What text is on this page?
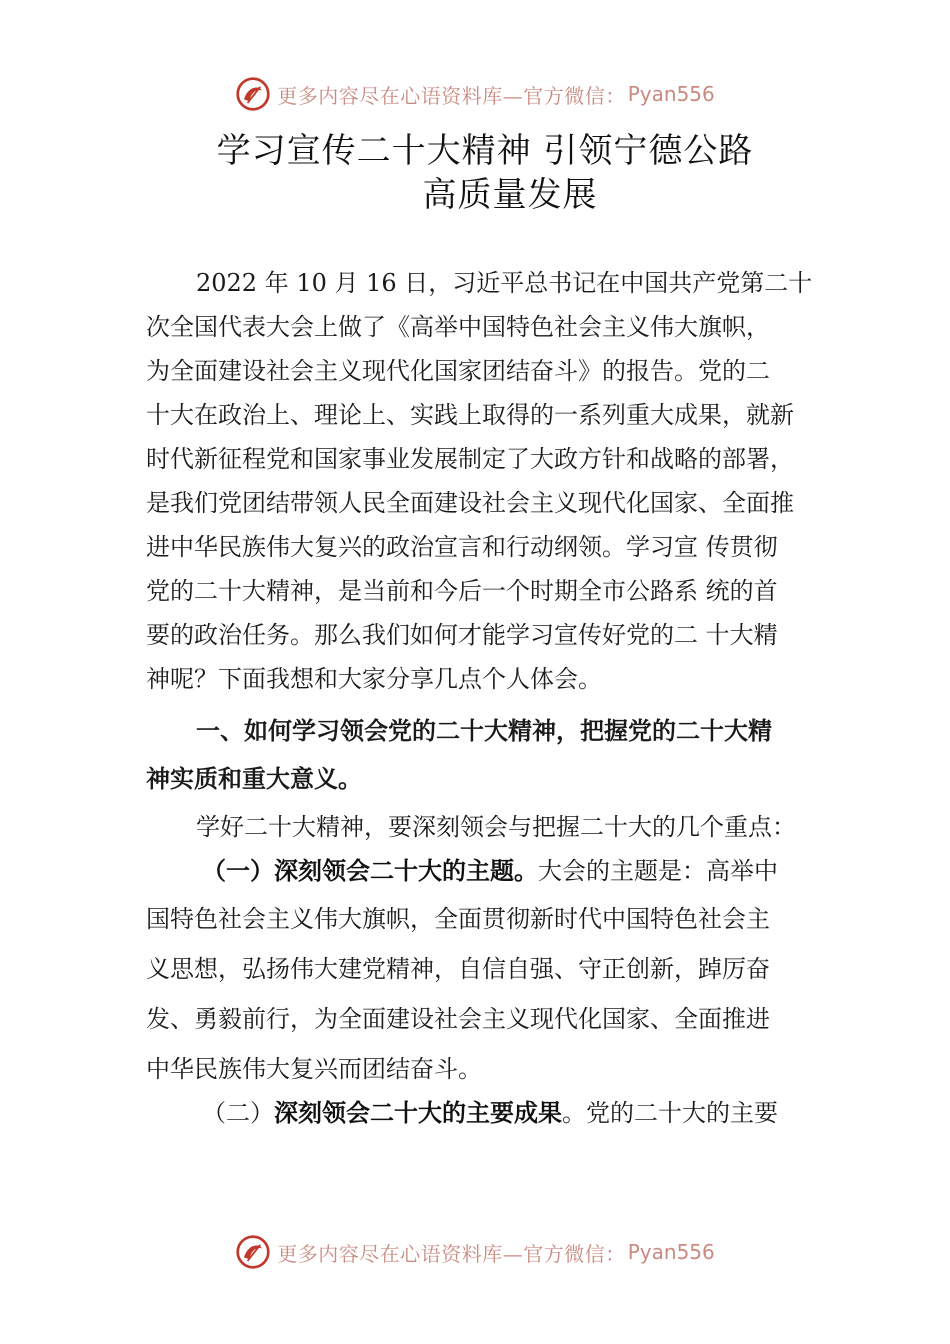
更多内容尽在心语资料库—官方微信： Pyan556
学习宣传二十大精神 引领宁德公路
高质量发展
2022 年 10 月 16 日，习近平总书记在中国共产党第二十
次全国代表大会上做了《高举中国特色社会主义伟大旗帜，
为全面建设社会主义现代化国家团结奋斗》的报告。党的二
十大在政治上、理论上、实践上取得的一系列重大成果，就新
时代新征程党和国家事业发展制定了大政方针和战略的部署，
是我们党团结带领人民全面建设社会主义现代化国家、全面推
进中华民族伟大复兴的政治宣言和行动纲领。学习宣 传贯彻
党的二十大精神，是当前和今后一个时期全市公路系 统的首
要的政治任务。那么我们如何才能学习宣传好党的二 十大精
神呢？下面我想和大家分享几点个人体会。
一、如何学习领会党的二十大精神，把握党的二十大精
神实质和重大意义。
学好二十大精神，要深刻领会与把握二十大的几个重点：
（一）深刻领会二十大的主题。大会的主题是：高举中
国特色社会主义伟大旗帜，全面贯彻新时代中国特色社会主
义思想，弘扬伟大建党精神，自信自强、守正创新，踔厉奋
发、勇毅前行，为全面建设社会主义现代化国家、全面推进
中华民族伟大复兴而团结奋斗。
（二）深刻领会二十大的主要成果。党的二十大的主要
更多内容尽在心语资料库—官方微信： Pyan556
